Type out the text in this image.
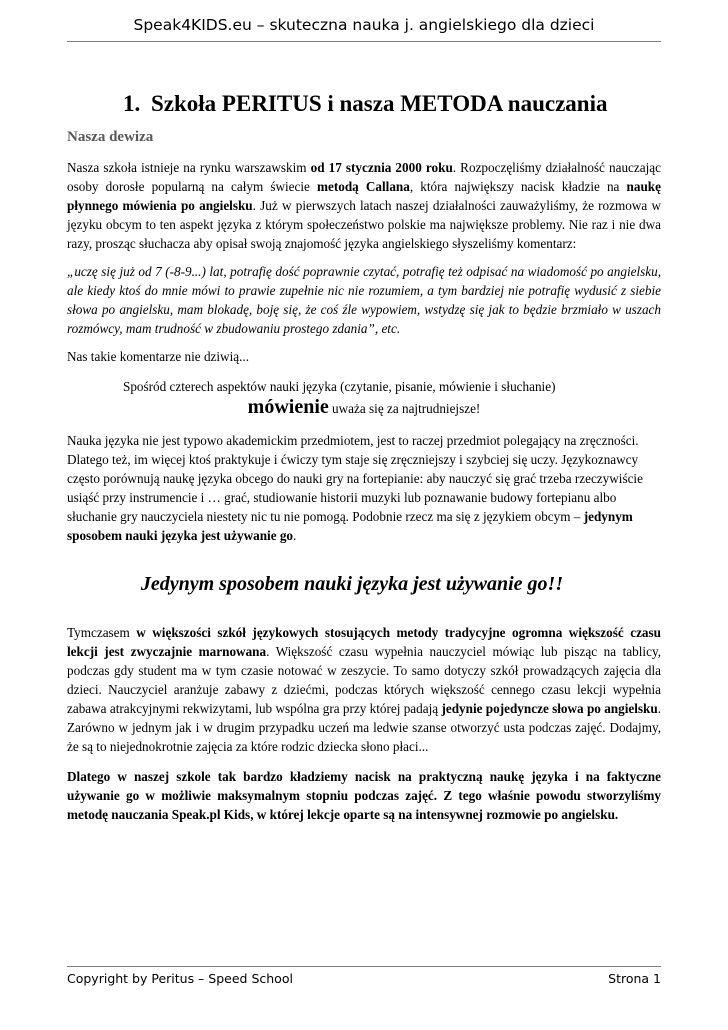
Speak4KIDS.eu – skuteczna nauka j. angielskiego dla dzieci
1. Szkoła PERITUS i nasza METODA nauczania

Nasza dewiza

Nasza szkoła istnieje na rynku warszawskim od 17 stycznia 2000 roku. Rozpoczęliśmy działalność nauczając osoby dorosłe popularną na całym świecie metodą Callana, która największy nacisk kładzie na naukę płynnego mówienia po angielsku. Już w pierwszych latach naszej działalności zauważyliśmy, że rozmowa w języku obcym to ten aspekt języka z którym społeczeństwo polskie ma największe problemy. Nie raz i nie dwa razy, prosząc słuchacza aby opisał swoją znajomość języka angielskiego słyszeliśmy komentarz:

„uczę się już od 7 (-8-9...) lat, potrafię dość poprawnie czytać, potrafię też odpisać na wiadomość po angielsku, ale kiedy ktoś do mnie mówi to prawie zupełnie nic nie rozumiem, a tym bardziej nie potrafię wydusić z siebie słowa po angielsku, mam blokadę, boję się, że coś źle wypowiem, wstydzę się jak to będzie brzmiało w uszach rozmówcy, mam trudność w zbudowaniu prostego zdania”, etc.

Nas takie komentarze nie dziwią...

Spośród czterech aspektów nauki języka (czytanie, pisanie, mówienie i słuchanie)

mówienie uważa się za najtrudniejsze!

Nauka języka nie jest typowo akademickim przedmiotem, jest to raczej przedmiot polegający na zręczności. Dlatego też, im więcej ktoś praktykuje i ćwiczy tym staje się zręczniejszy i szybciej się uczy. Językoznawcy często porównują naukę języka obcego do nauki gry na fortepianie: aby nauczyć się grać trzeba rzeczywiście usiąść przy instrumencie i … grać, studiowanie historii muzyki lub poznawanie budowy fortepianu albo słuchanie gry nauczyciela niestety nic tu nie pomogą. Podobnie rzecz ma się z językiem obcym – jedynym sposobem nauki języka jest używanie go.

Jedynym sposobem nauki języka jest używanie go!!

Tymczasem w większości szkół językowych stosujących metody tradycyjne ogromna większość czasu lekcji jest zwyczajnie marnowana. Większość czasu wypełnia nauczyciel mówiąc lub pisząc na tablicy, podczas gdy student ma w tym czasie notować w zeszycie. To samo dotyczy szkół prowadzących zajęcia dla dzieci. Nauczyciel aranżuje zabawy z dziećmi, podczas których większość cennego czasu lekcji wypełnia zabawa atrakcyjnymi rekwizytami, lub wspólna gra przy której padają jedynie pojedyncze słowa po angielsku. Zarówno w jednym jak i w drugim przypadku uczeń ma ledwie szanse otworzyć usta podczas zajęć. Dodajmy, że są to niejednokrotnie zajęcia za które rodzic dziecka słono płaci...

Dlatego w naszej szkole tak bardzo kładziemy nacisk na praktyczną naukę języka i na faktyczne używanie go w możliwie maksymalnym stopniu podczas zajęć. Z tego właśnie powodu stworzyliśmy metodę nauczania Speak.pl Kids, w której lekcje oparte są na intensywnej rozmowie po angielsku.

Copyright by Peritus – Speed School	Strona 1
